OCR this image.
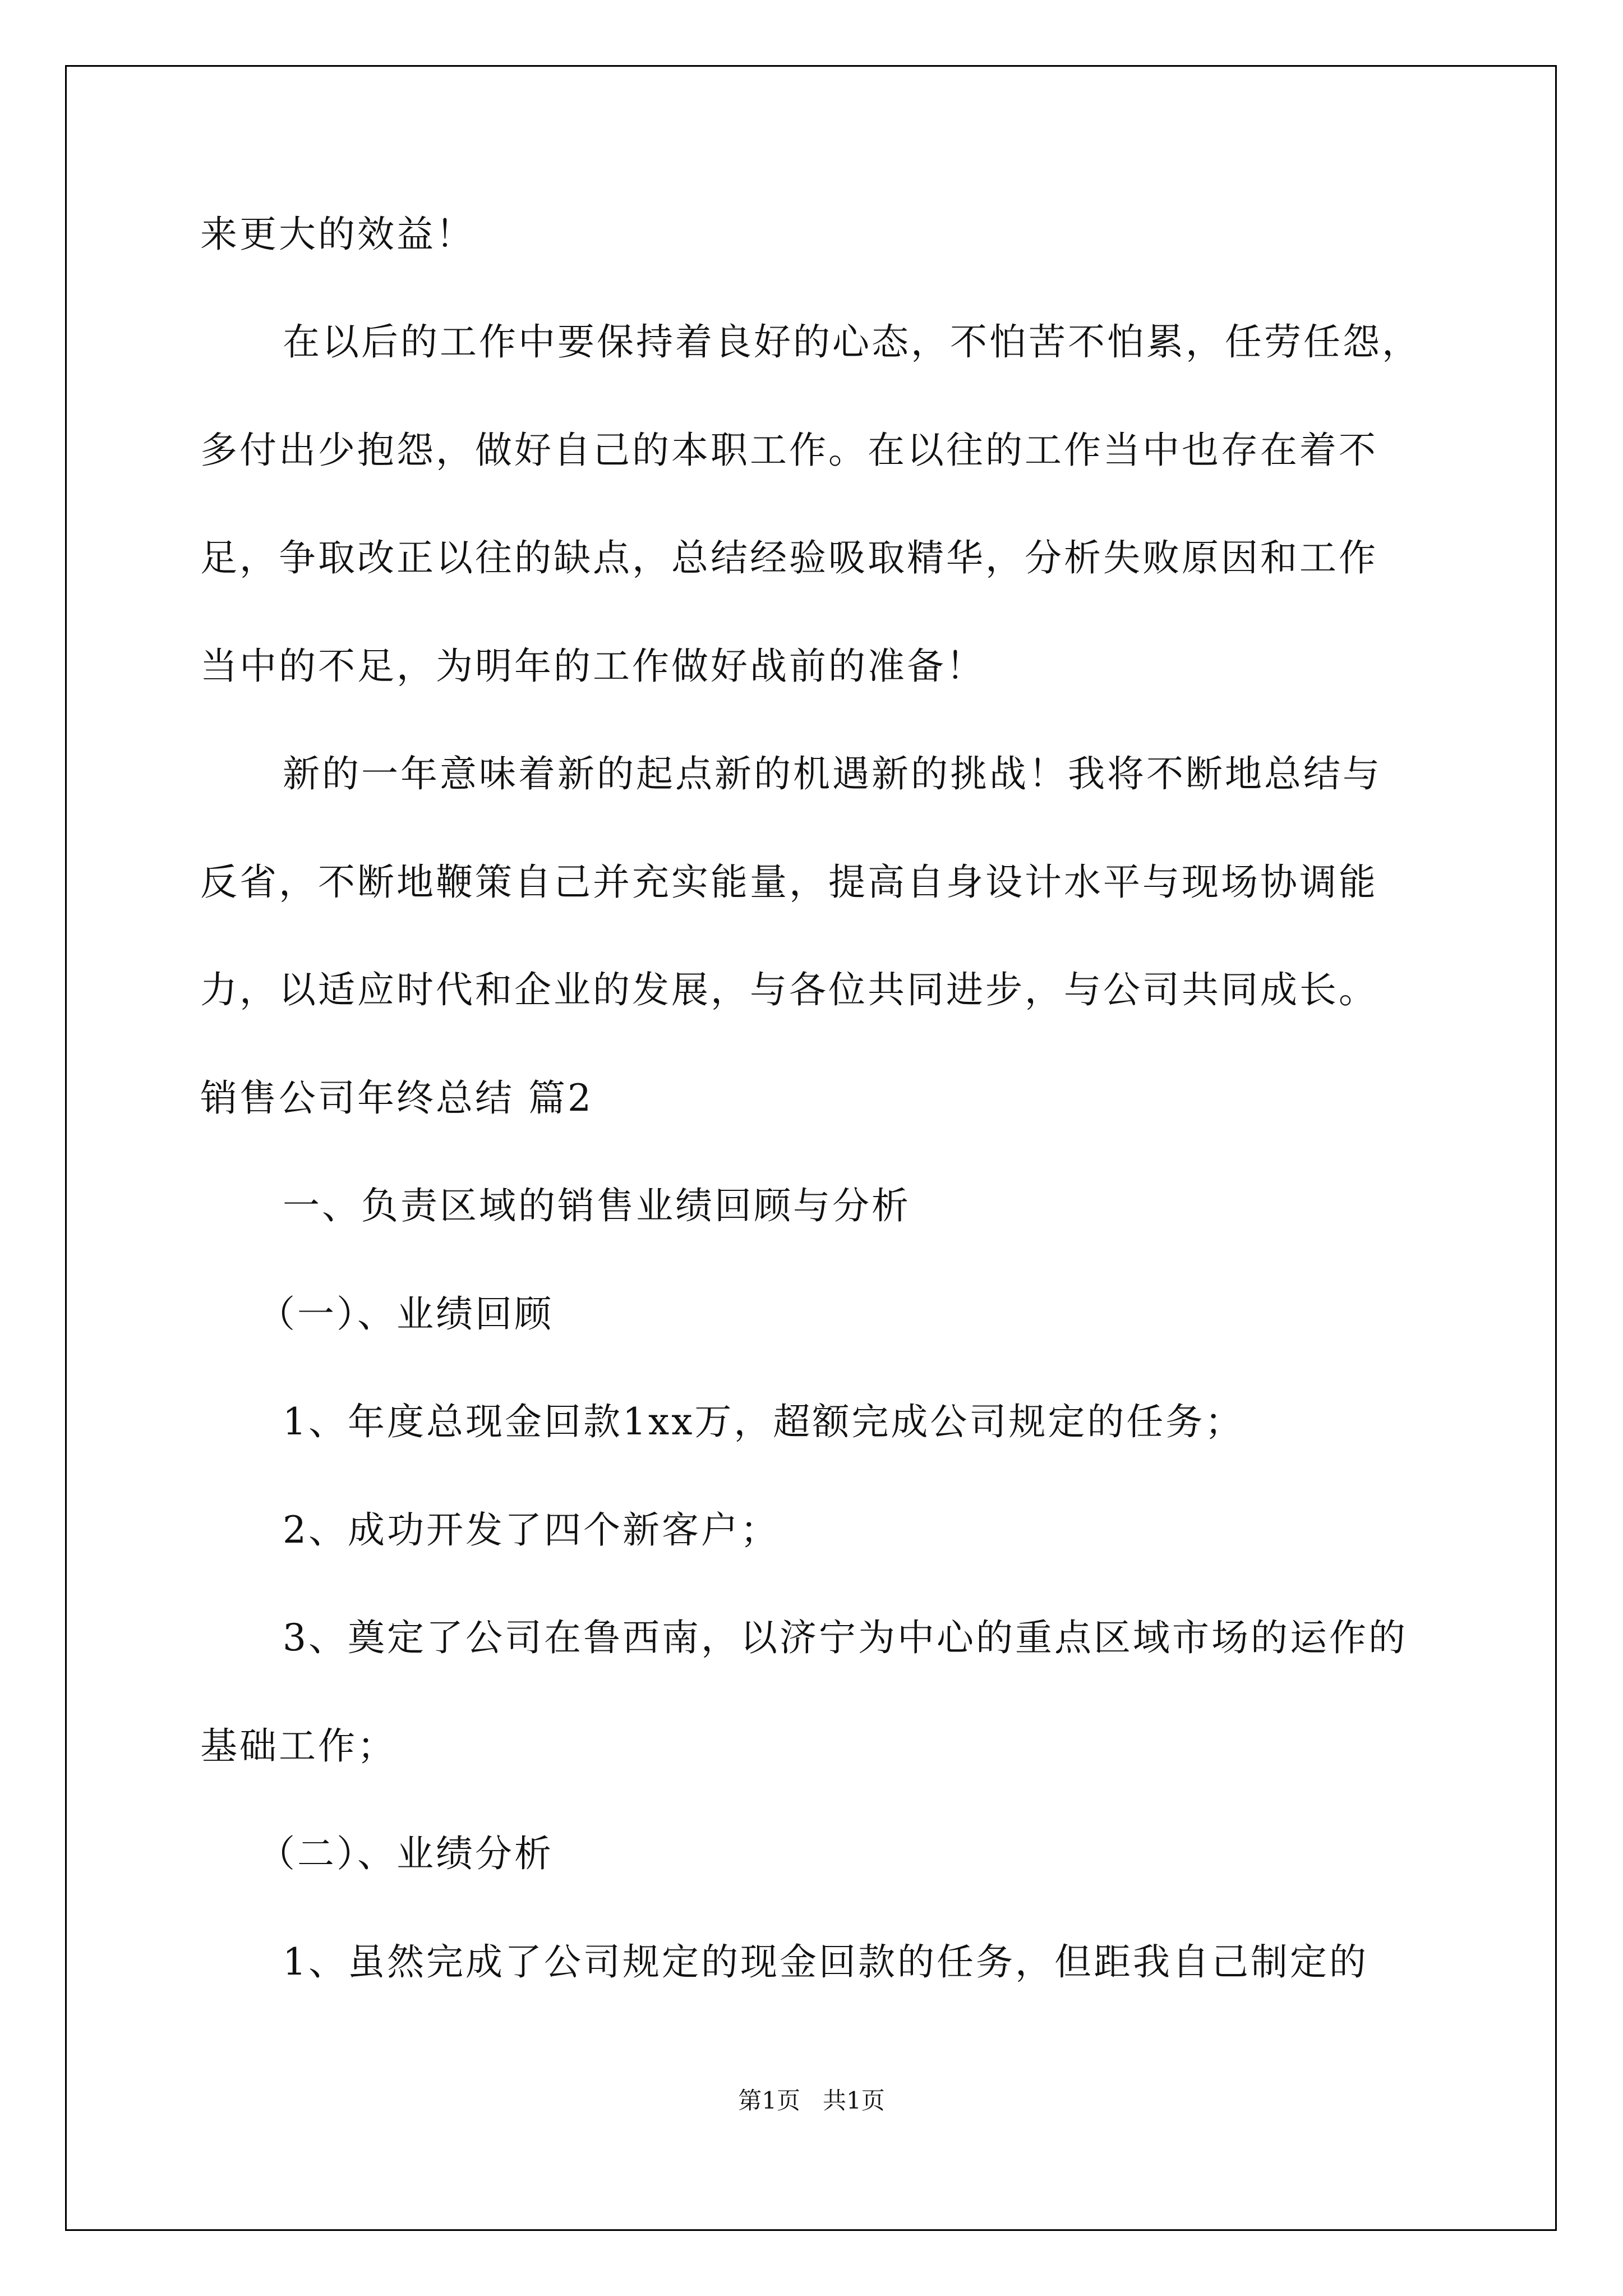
来更大的效益！

在以后的工作中要保持着良好的心态，不怕苦不怕累，任劳任怨，

多付出少抱怨，做好自己的本职工作。在以往的工作当中也存在着不

足，争取改正以往的缺点，总结经验吸取精华，分析失败原因和工作

当中的不足，为明年的工作做好战前的准备！

新的一年意味着新的起点新的机遇新的挑战！我将不断地总结与

反省，不断地鞭策自己并充实能量，提高自身设计水平与现场协调能

力，以适应时代和企业的发展，与各位共同进步，与公司共同成长。

销售公司年终总结 篇2

一、负责区域的销售业绩回顾与分析

（一）、业绩回顾

1、年度总现金回款1xx万，超额完成公司规定的任务；

2、成功开发了四个新客户；

3、奠定了公司在鲁西南，以济宁为中心的重点区域市场的运作的

基础工作；

（二）、业绩分析

1、虽然完成了公司规定的现金回款的任务，但距我自己制定的

第1页   共1页
